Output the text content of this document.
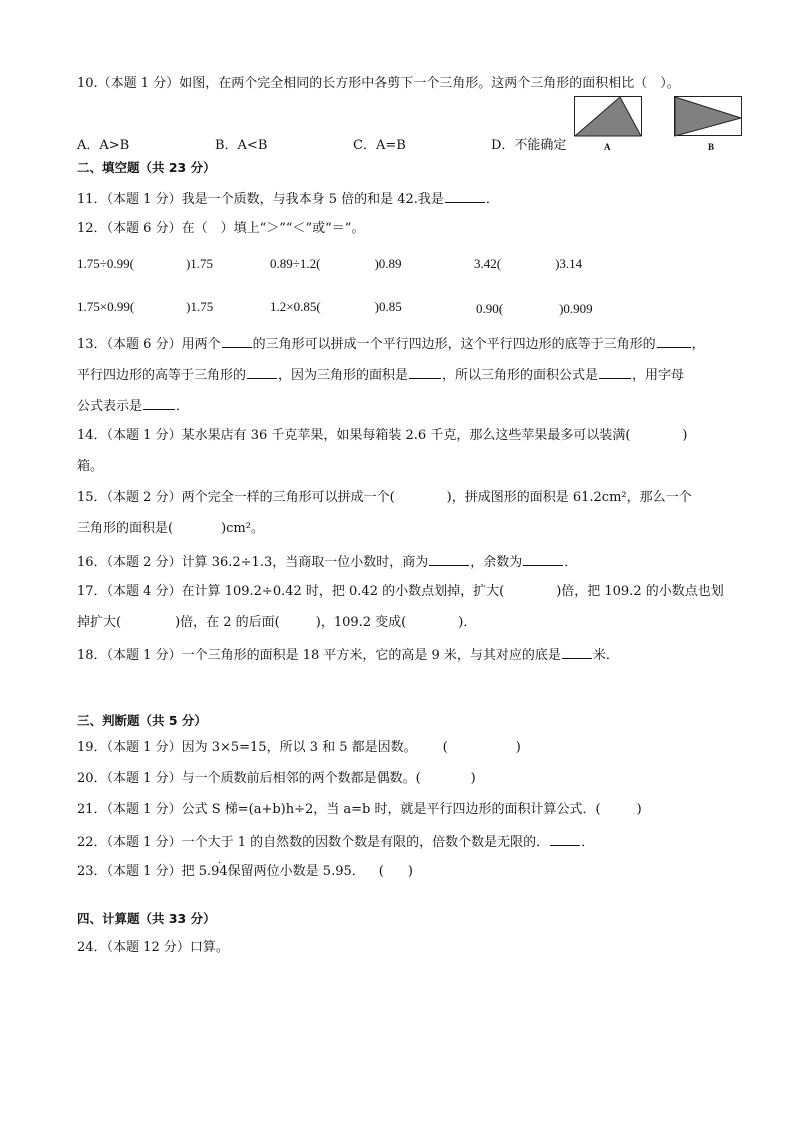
10.（本题 1 分）如图，在两个完全相同的长方形中各剪下一个三角形。这两个三角形的面积相比（　）。
A	B
A．A>B	B．A<B	C．A=B	D．不能确定
二、填空题（共 23 分）
11．（本题 1 分）我是一个质数，与我本身 5 倍的和是 42.我是	．
12．（本题 6 分）在（　）填上“＞”“＜”或“＝”。
1.75÷0.99(	)1.75	0.89÷1.2(	)0.89	3.42(	)3.14
1.75×0.99(	)1.75	1.2×0.85(	)0.85	0.90(	)0.909
13．（本题 6 分）用两个 的三角形可以拼成一个平行四边形，这个平行四边形的底等于三角形的	，
平行四边形的高等于三角形的 ，因为三角形的面积是	，所以三角形的面积公式是	，用字母
公式表示是	．
14．（本题 1 分）某水果店有 36 千克苹果，如果每箱装 2.6 千克，那么这些苹果最多可以装满(	)
箱。
15．（本题 2 分）两个完全一样的三角形可以拼成一个(	)，拼成图形的面积是 61.2cm²，那么一个
三角形的面积是(	)cm²。
16．（本题 2 分）计算 36.2÷1.3，当商取一位小数时，商为	，余数为	．
17．（本题 4 分）在计算 109.2÷0.42 时，把 0.42 的小数点划掉，扩大(	)倍，把 109.2 的小数点也划
掉扩大(	)倍，在 2 的后面(	)，109.2 变成(	)．
18．（本题 1 分）一个三角形的面积是 18 平方米，它的高是 9 米，与其对应的底是 米．
三、判断题（共 5 分）
19．（本题 1 分）因为 3×5=15，所以 3 和 5 都是因数。 (	)
20．（本题 1 分）与一个质数前后相邻的两个数都是偶数。(	)
21．（本题 1 分）公式 S 梯=(a+b)h÷2，当 a=b 时，就是平行四边形的面积计算公式．(	)
22．（本题 1 分）一个大于 1 的自然数的因数个数是有限的，倍数个数是无限的． ．
23．（本题 1 分）把 5.· 94保留两位小数是 5.95． ( )
四、计算题（共 33 分）
24．（本题 12 分）口算。
